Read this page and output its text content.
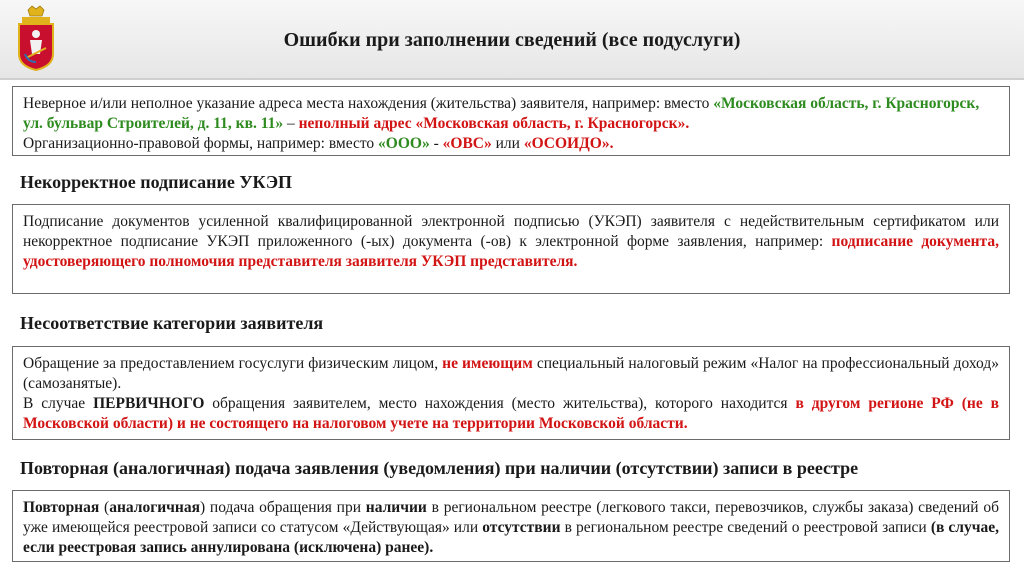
Ошибки при заполнении сведений (все подуслуги)

Неверное и/или неполное указание адреса места нахождения (жительства) заявителя, например: вместо «Московская область, г. Красногорск, ул. бульвар Строителей, д. 11, кв. 11» – неполный адрес «Московская область, г. Красногорск».

Организационно-правовой формы, например: вместо «ООО» - «ОВС» или «ОСОИДО».

Некорректное подписание УКЭП

Подписание документов усиленной квалифицированной электронной подписью (УКЭП) заявителя с недействительным сертификатом или некорректное подписание УКЭП приложенного (-ых) документа (-ов) к электронной форме заявления, например: подписание документа, удостоверяющего полномочия представителя заявителя УКЭП представителя.

Несоответствие категории заявителя

Обращение за предоставлением госуслуги физическим лицом, не имеющим специальный налоговый режим «Налог на профессиональный доход» (самозанятые).

В случае ПЕРВИЧНОГО обращения заявителем, место нахождения (место жительства), которого находится в другом регионе РФ (не в Московской области) и не состоящего на налоговом учете на территории Московской области.

Повторная (аналогичная) подача заявления (уведомления) при наличии (отсутствии) записи в реестре

Повторная (аналогичная) подача обращения при наличии в региональном реестре (легкового такси, перевозчиков, службы заказа) сведений об уже имеющейся реестровой записи со статусом «Действующая» или отсутствии в региональном реестре сведений о реестровой записи (в случае, если реестровая запись аннулирована (исключена) ранее).
